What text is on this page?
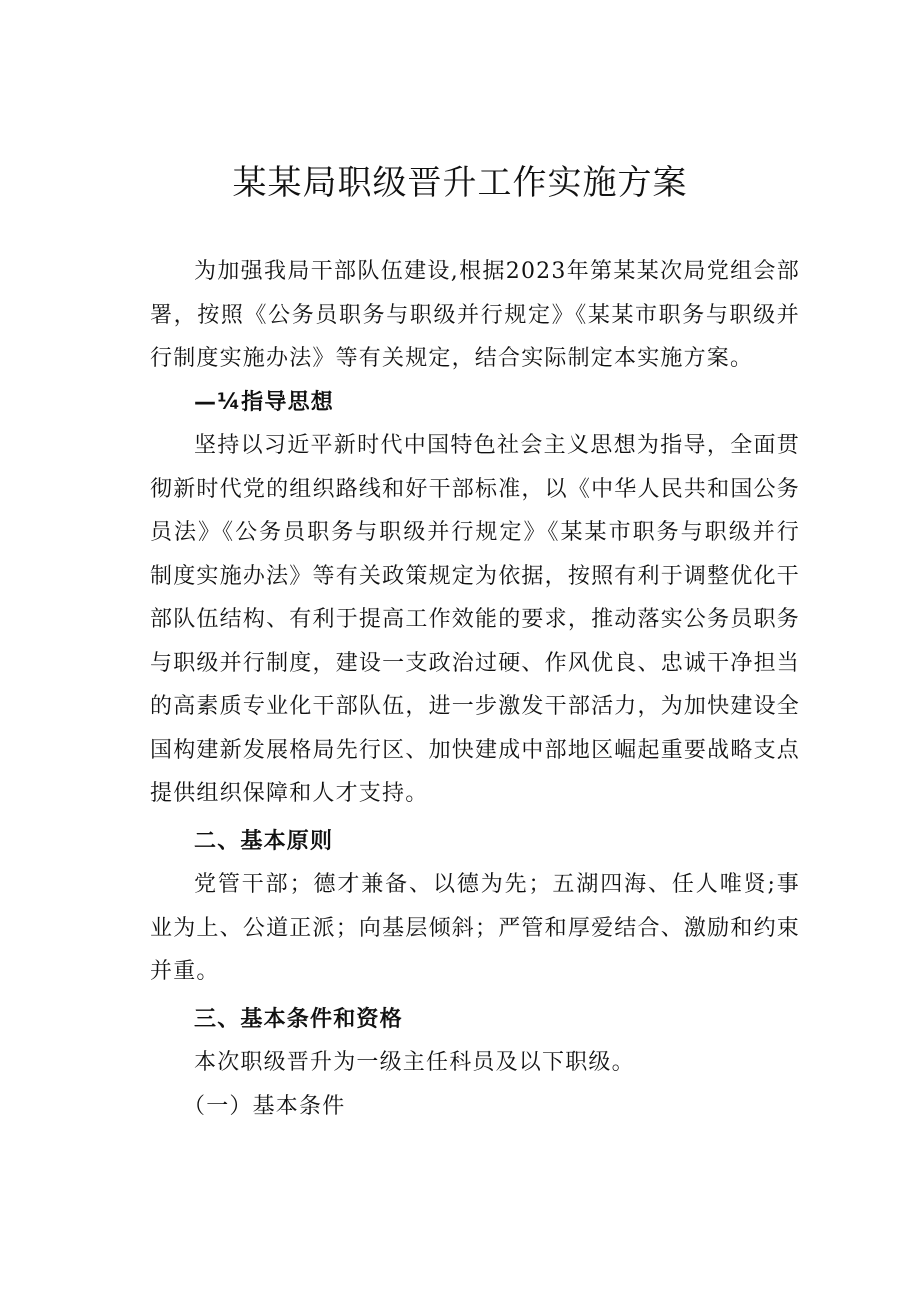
某某局职级晋升工作实施方案

为加强我局干部队伍建设,根据2023年第某某次局党组会部署，按照《公务员职务与职级并行规定》《某某市职务与职级并行制度实施办法》等有关规定，结合实际制定本实施方案。

—¼指导思想

坚持以习近平新时代中国特色社会主义思想为指导，全面贯彻新时代党的组织路线和好干部标准，以《中华人民共和国公务员法》《公务员职务与职级并行规定》《某某市职务与职级并行制度实施办法》等有关政策规定为依据，按照有利于调整优化干部队伍结构、有利于提高工作效能的要求，推动落实公务员职务与职级并行制度，建设一支政治过硬、作风优良、忠诚干净担当的高素质专业化干部队伍，进一步激发干部活力，为加快建设全国构建新发展格局先行区、加快建成中部地区崛起重要战略支点提供组织保障和人才支持。

二、基本原则

党管干部；德才兼备、以德为先；五湖四海、任人唯贤;事业为上、公道正派；向基层倾斜；严管和厚爱结合、激励和约束并重。

三、基本条件和资格

本次职级晋升为一级主任科员及以下职级。

（一）基本条件
